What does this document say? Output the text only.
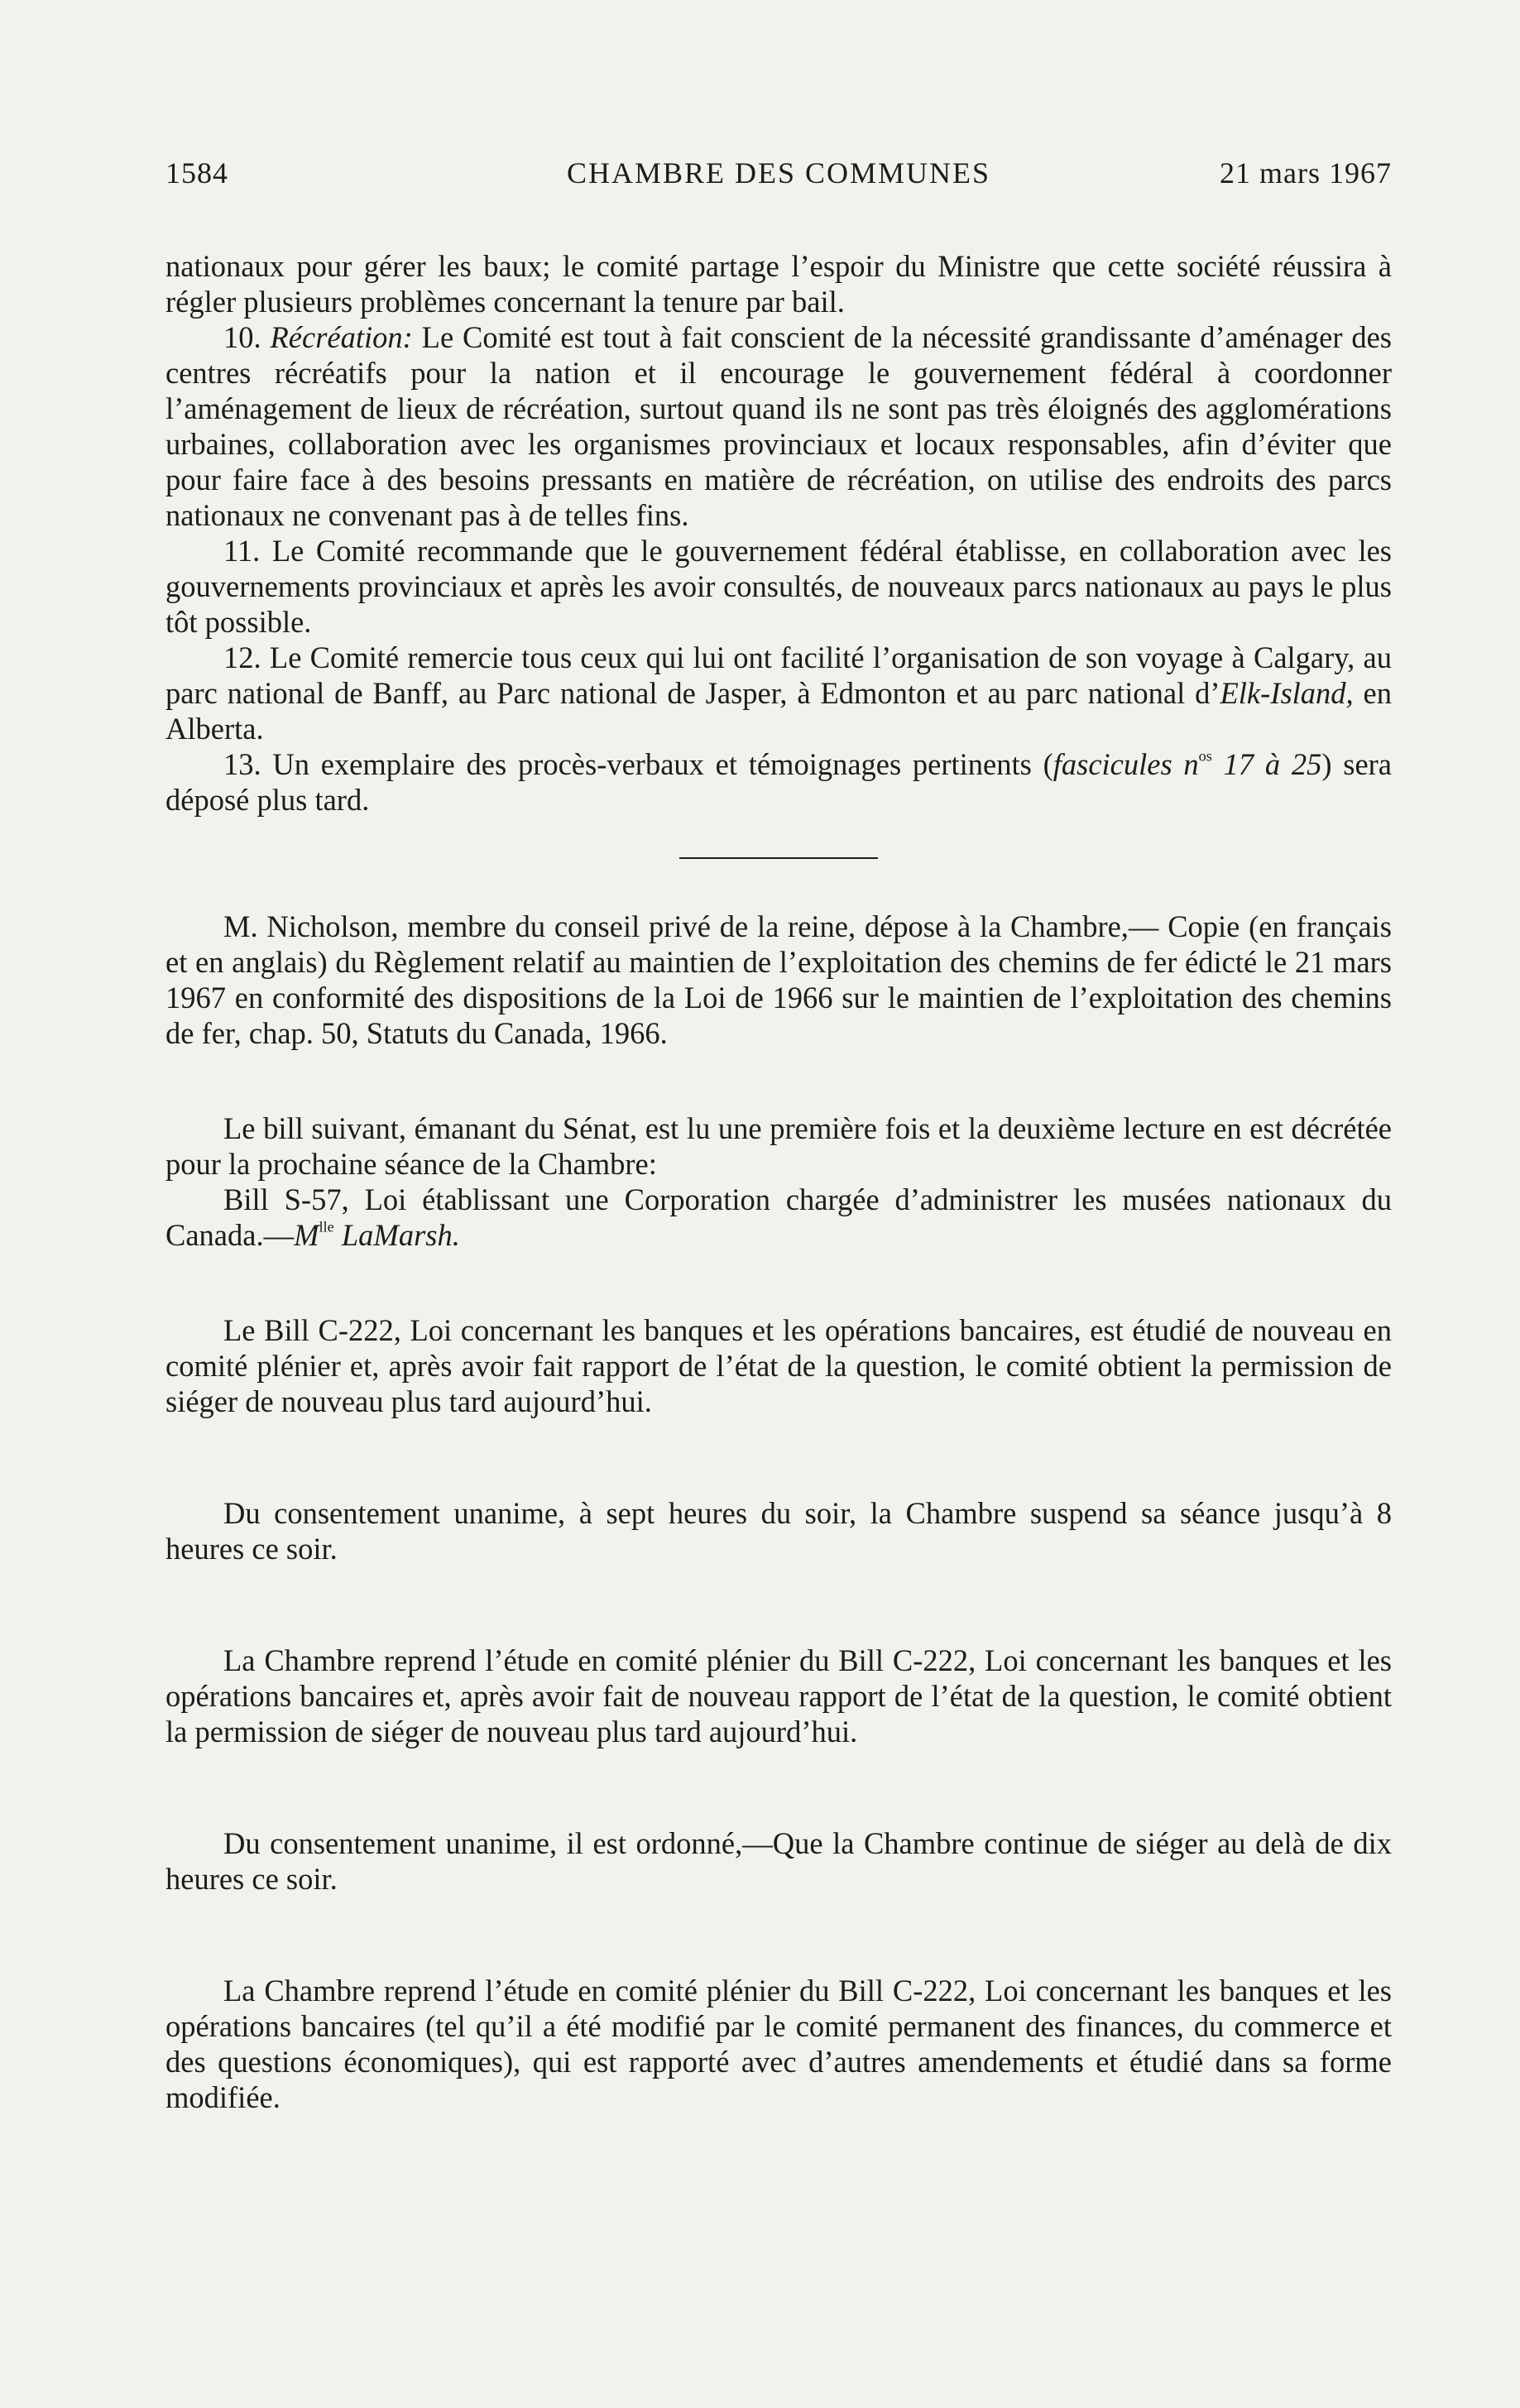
1584	CHAMBRE DES COMMUNES	21 mars 1967

nationaux pour gérer les baux; le comité partage l’espoir du Ministre que cette société réussira à régler plusieurs problèmes concernant la tenure par bail.

10. Récréation: Le Comité est tout à fait conscient de la nécessité grandissante d’aménager des centres récréatifs pour la nation et il encourage le gouvernement fédéral à coordonner l’aménagement de lieux de récréation, surtout quand ils ne sont pas très éloignés des agglomérations urbaines, collaboration avec les organismes provinciaux et locaux responsables, afin d’éviter que pour faire face à des besoins pressants en matière de récréation, on utilise des endroits des parcs nationaux ne convenant pas à de telles fins.

11. Le Comité recommande que le gouvernement fédéral établisse, en collaboration avec les gouvernements provinciaux et après les avoir consultés, de nouveaux parcs nationaux au pays le plus tôt possible.

12. Le Comité remercie tous ceux qui lui ont facilité l’organisation de son voyage à Calgary, au parc national de Banff, au Parc national de Jasper, à Edmonton et au parc national d’Elk-Island, en Alberta.

13. Un exemplaire des procès-verbaux et témoignages pertinents (fascicules $n^{os}$ 17 à 25) sera déposé plus tard.

M. Nicholson, membre du conseil privé de la reine, dépose à la Chambre,— Copie (en français et en anglais) du Règlement relatif au maintien de l’exploitation des chemins de fer édicté le 21 mars 1967 en conformité des dispositions de la Loi de 1966 sur le maintien de l’exploitation des chemins de fer, chap. 50, Statuts du Canada, 1966.

Le bill suivant, émanant du Sénat, est lu une première fois et la deuxième lecture en est décrétée pour la prochaine séance de la Chambre:

Bill S-57, Loi établissant une Corporation chargée d’administrer les musées nationaux du $Canada.—M^{lle}$ LaMarsh.

Le Bill C-222, Loi concernant les banques et les opérations bancaires, est étudié de nouveau en comité plénier et, après avoir fait rapport de l’état de la question, le comité obtient la permission de siéger de nouveau plus tard aujourd’hui.

Du consentement unanime, à sept heures du soir, la Chambre suspend sa séance jusqu’à 8 heures ce soir.

La Chambre reprend l’étude en comité plénier du Bill C-222, Loi concernant les banques et les opérations bancaires et, après avoir fait de nouveau rapport de l’état de la question, le comité obtient la permission de siéger de nouveau plus tard aujourd’hui.

Du consentement unanime, il est ordonné,—Que la Chambre continue de siéger au delà de dix heures ce soir.

La Chambre reprend l’étude en comité plénier du Bill C-222, Loi concernant les banques et les opérations bancaires (tel qu’il a été modifié par le comité permanent des finances, du commerce et des questions économiques), qui est rapporté avec d’autres amendements et étudié dans sa forme modifiée.
